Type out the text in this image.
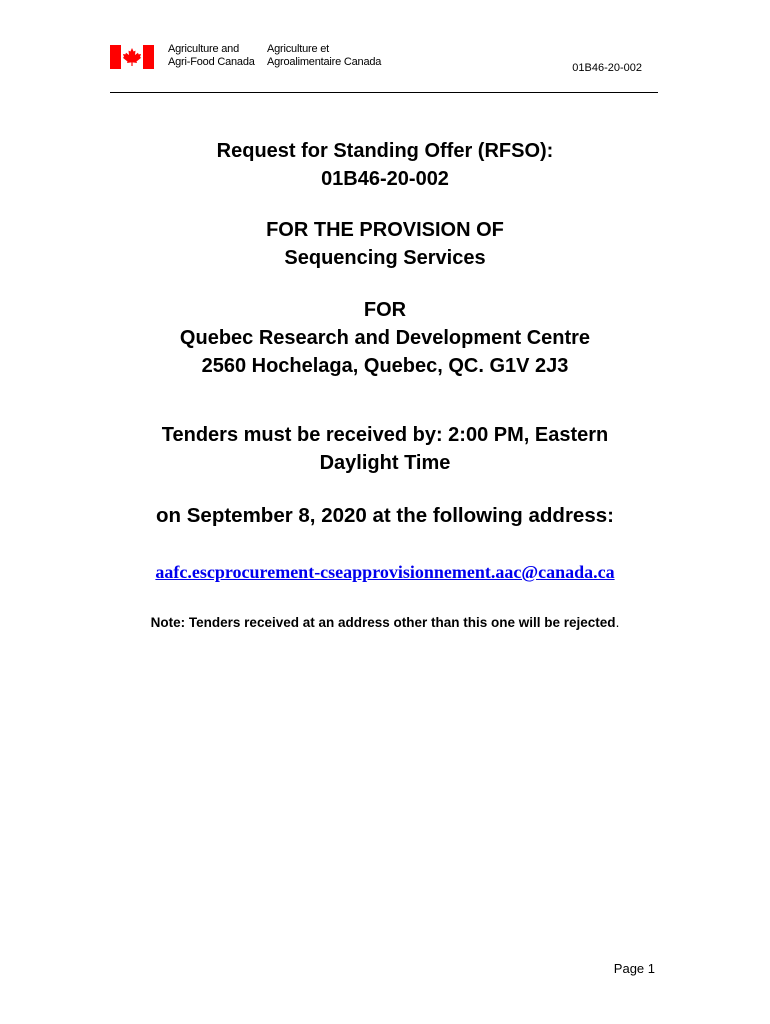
Agriculture and
Agri-Food Canada
Agriculture et
Agroalimentaire Canada	01B46-20-002
Request for Standing Offer (RFSO):
01B46-20-002
FOR THE PROVISION OF
Sequencing Services
FOR
Quebec Research and Development Centre
2560 Hochelaga, Quebec, QC. G1V 2J3
Tenders must be received by: 2:00 PM, Eastern
Daylight Time
on September 8, 2020 at the following address:
aafc.escprocurement-cseapprovisionnement.aac@canada.ca
Note: Tenders received at an address other than this one will be rejected.
Page 1
